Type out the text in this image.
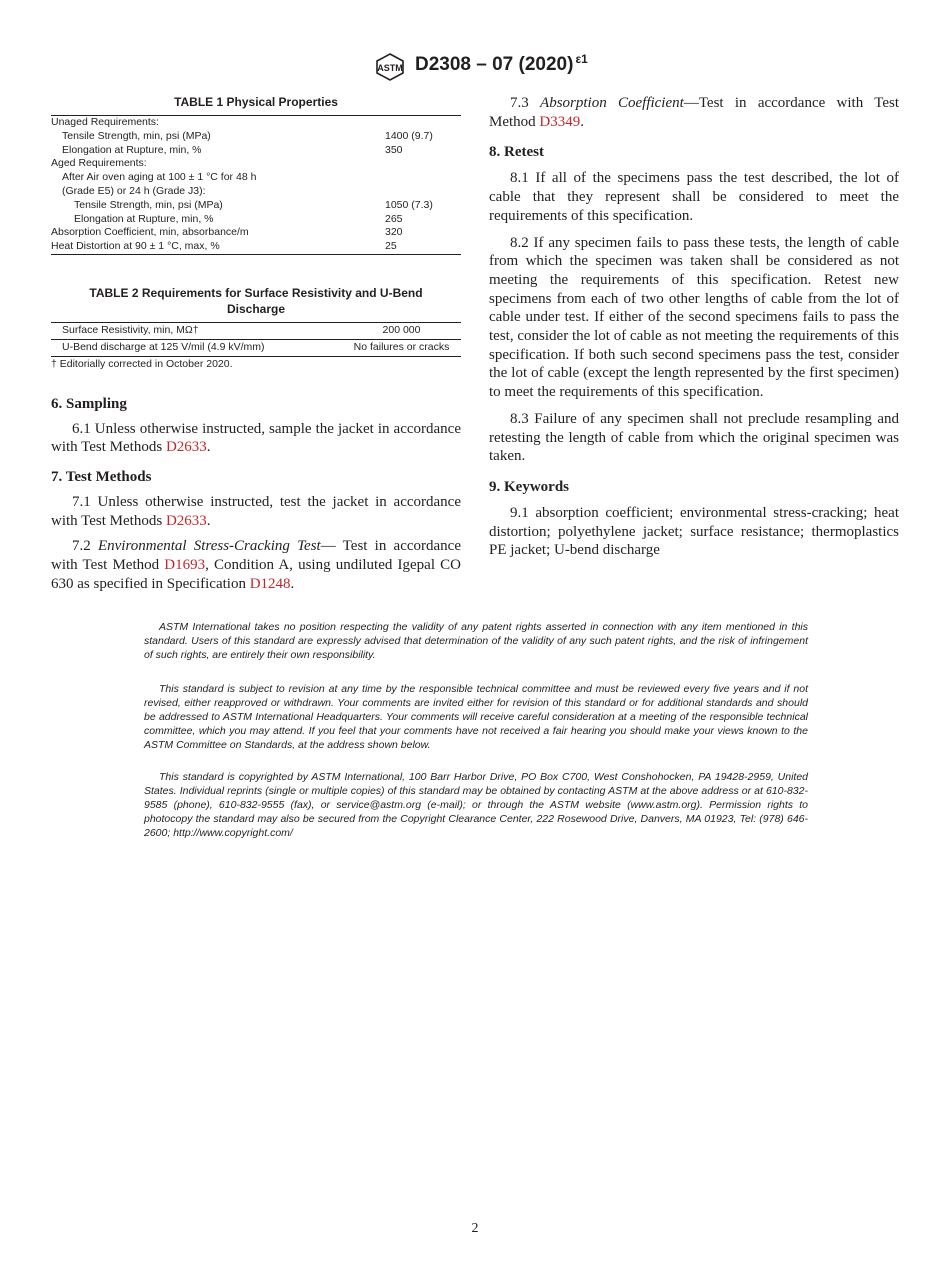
ASTM D2308 – 07 (2020) $^{\varepsilon 1}$
TABLE 1 Physical Properties
Unaged Requirements:	
Tensile Strength, min, psi (MPa)	1400 (9.7)
Elongation at Rupture, min, %	350
Aged Requirements:	
After Air oven aging at 100 ± 1 °C for 48 h	
(Grade E5) or 24 h (Grade J3):	
Tensile Strength, min, psi (MPa)	1050 (7.3)
Elongation at Rupture, min, %	265
Absorption Coefficient, min, absorbance/m	320
Heat Distortion at 90 ± 1 °C, max, %	25
TABLE 2 Requirements for Surface Resistivity and U-Bend Discharge
Surface Resistivity, min, MΩ†	200 000
U-Bend discharge at 125 V/mil (4.9 kV/mm)	No failures or cracks
† Editorially corrected in October 2020.

6. Sampling

6.1 Unless otherwise instructed, sample the jacket in accordance with Test Methods D2633.

7. Test Methods

7.1 Unless otherwise instructed, test the jacket in accordance with Test Methods D2633.

7.2 Environmental Stress-Cracking Test— Test in accordance with Test Method D1693, Condition A, using undiluted Igepal CO 630 as specified in Specification D1248.

7.3 Absorption Coefficient—Test in accordance with Test Method D3349.

8. Retest

8.1 If all of the specimens pass the test described, the lot of cable that they represent shall be considered to meet the requirements of this specification.

8.2 If any specimen fails to pass these tests, the length of cable from which the specimen was taken shall be considered as not meeting the requirements of this specification. Retest new specimens from each of two other lengths of cable from the lot of cable under test. If either of the second specimens fails to pass the test, consider the lot of cable as not meeting the requirements of this specification. If both such second specimens pass the test, consider the lot of cable (except the length represented by the first specimen) to meet the requirements of this specification.

8.3 Failure of any specimen shall not preclude resampling and retesting the length of cable from which the original specimen was taken.

9. Keywords

9.1 absorption coefficient; environmental stress-cracking; heat distortion; polyethylene jacket; surface resistance; thermoplastics PE jacket; U-bend discharge

ASTM International takes no position respecting the validity of any patent rights asserted in connection with any item mentioned in this standard. Users of this standard are expressly advised that determination of the validity of any such patent rights, and the risk of infringement of such rights, are entirely their own responsibility.

This standard is subject to revision at any time by the responsible technical committee and must be reviewed every five years and if not revised, either reapproved or withdrawn. Your comments are invited either for revision of this standard or for additional standards and should be addressed to ASTM International Headquarters. Your comments will receive careful consideration at a meeting of the responsible technical committee, which you may attend. If you feel that your comments have not received a fair hearing you should make your views known to the ASTM Committee on Standards, at the address shown below.

This standard is copyrighted by ASTM International, 100 Barr Harbor Drive, PO Box C700, West Conshohocken, PA 19428-2959, United States. Individual reprints (single or multiple copies) of this standard may be obtained by contacting ASTM at the above address or at 610-832-9585 (phone), 610-832-9555 (fax), or service@astm.org (e-mail); or through the ASTM website (www.astm.org). Permission rights to photocopy the standard may also be secured from the Copyright Clearance Center, 222 Rosewood Drive, Danvers, MA 01923, Tel: (978) 646-2600; http://www.copyright.com/

2
